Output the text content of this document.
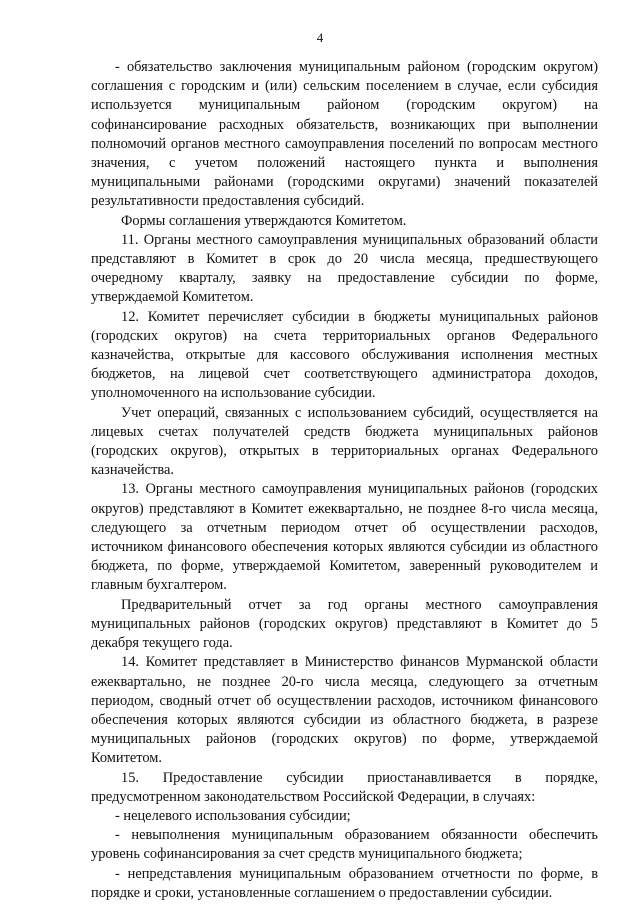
4

- обязательство заключения муниципальным районом (городским округом) соглашения с городским и (или) сельским поселением в случае, если субсидия используется муниципальным районом (городским округом) на софинансирование расходных обязательств, возникающих при выполнении полномочий органов местного самоуправления поселений по вопросам местного значения, с учетом положений настоящего пункта и выполнения муниципальными районами (городскими округами) значений показателей результативности предоставления субсидий.

Формы соглашения утверждаются Комитетом.

11. Органы местного самоуправления муниципальных образований области представляют в Комитет в срок до 20 числа месяца, предшествующего очередному кварталу, заявку на предоставление субсидии по форме, утверждаемой Комитетом.

12. Комитет перечисляет субсидии в бюджеты муниципальных районов (городских округов) на счета территориальных органов Федерального казначейства, открытые для кассового обслуживания исполнения местных бюджетов, на лицевой счет соответствующего администратора доходов, уполномоченного на использование субсидии.

Учет операций, связанных с использованием субсидий, осуществляется на лицевых счетах получателей средств бюджета муниципальных районов (городских округов), открытых в территориальных органах Федерального казначейства.

13. Органы местного самоуправления муниципальных районов (городских округов) представляют в Комитет ежеквартально, не позднее 8-го числа месяца, следующего за отчетным периодом отчет об осуществлении расходов, источником финансового обеспечения которых являются субсидии из областного бюджета, по форме, утверждаемой Комитетом, заверенный руководителем и главным бухгалтером.

Предварительный отчет за год органы местного самоуправления муниципальных районов (городских округов) представляют в Комитет до 5 декабря текущего года.

14. Комитет представляет в Министерство финансов Мурманской области ежеквартально, не позднее 20-го числа месяца, следующего за отчетным периодом, сводный отчет об осуществлении расходов, источником финансового обеспечения которых являются субсидии из областного бюджета, в разрезе муниципальных районов (городских округов) по форме, утверждаемой Комитетом.

15. Предоставление субсидии приостанавливается в порядке, предусмотренном законодательством Российской Федерации, в случаях:

- нецелевого использования субсидии;

- невыполнения муниципальным образованием обязанности обеспечить уровень софинансирования за счет средств муниципального бюджета;

- непредставления муниципальным образованием отчетности по форме, в порядке и сроки, установленные соглашением о предоставлении субсидии.
